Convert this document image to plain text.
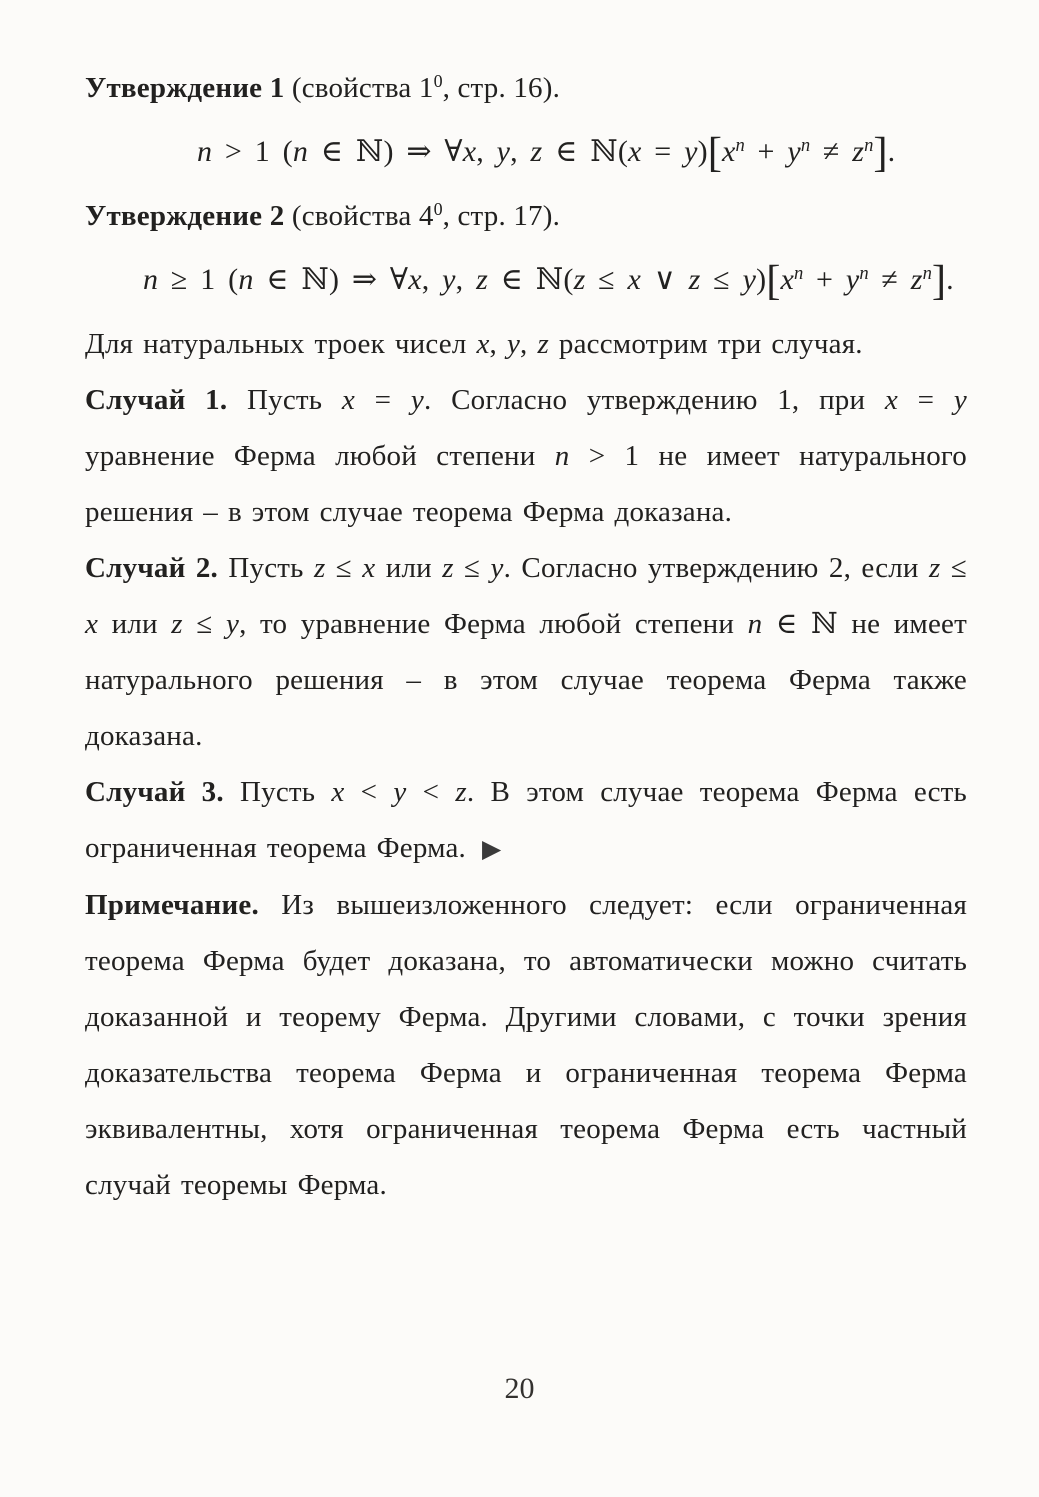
Утверждение 1 (свойства $1^0$, стр. 16).
n > 1 (n ∈ ℕ) ⇒ ∀x, y, z ∈ ℕ(x = $y)[x^n + y^n \ne z^n]$.
Утверждение 2 (свойства $4^0$, стр. 17).
n ≥ 1 (n ∈ ℕ) ⇒ ∀x, y, z ∈ ℕ(z ≤ x ∨ $z \le y)[x^n + y^n \ne z^n]$.
Для натуральных троек чисел x, y, z рассмотрим три случая.
Случай 1. Пусть x = y. Согласно утверждению 1, при x = y уравнение Ферма любой степени n > 1 не имеет натурального решения – в этом случае теорема Ферма доказана.
Случай 2. Пусть z ≤ x или z ≤ y. Согласно утверждению 2, если z ≤ x или z ≤ y, то уравнение Ферма любой степени n ∈ ℕ не имеет натурального решения – в этом случае теорема Ферма также доказана.
Случай 3. Пусть x < y < z. В этом случае теорема Ферма есть ограниченная теорема Ферма. ▶
Примечание. Из вышеизложенного следует: если ограниченная теорема Ферма будет доказана, то автоматически можно считать доказанной и теорему Ферма. Другими словами, с точки зрения доказательства теорема Ферма и ограниченная теорема Ферма эквивалентны, хотя ограниченная теорема Ферма есть частный случай теоремы Ферма.
20
